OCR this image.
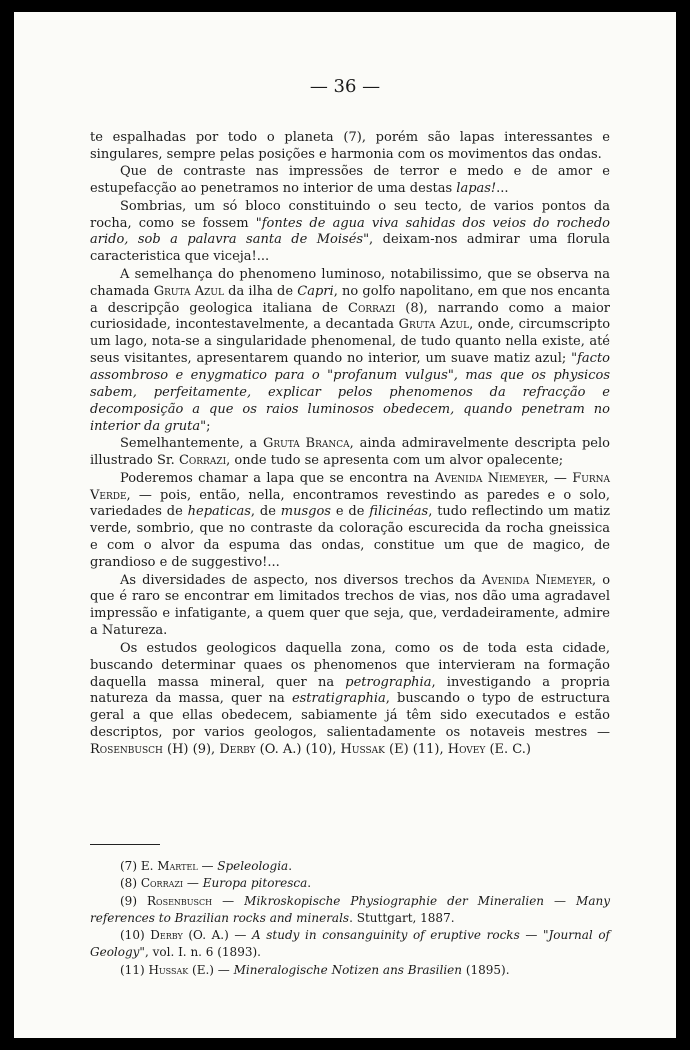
— 36 —

te espalhadas por todo o planeta (7), porém são lapas interessantes e singulares, sempre pelas posições e harmonia com os movimentos das ondas.

Que de contraste nas impressões de terror e medo e de amor e estupefacção ao penetramos no interior de uma destas lapas!...

Sombrias, um só bloco constituindo o seu tecto, de varios pontos da rocha, como se fossem "fontes de agua viva sahidas dos veios do rochedo arido, sob a palavra santa de Moisés", deixam-nos admirar uma florula caracteristica que viceja!...

A semelhança do phenomeno luminoso, notabilissimo, que se observa na chamada Gruta Azul da ilha de Capri, no golfo napolitano, em que nos encanta a descripção geologica italiana de Corrazi (8), narrando como a maior curiosidade, incontestavelmente, a decantada Gruta Azul, onde, circumscripto um lago, nota-se a singularidade phenomenal, de tudo quanto nella existe, até seus visitantes, apresentarem quando no interior, um suave matiz azul; "facto assombroso e enygmatico para o "profanum vulgus", mas que os physicos sabem, perfeitamente, explicar pelos phenomenos da refracção e decomposição a que os raios luminosos obedecem, quando penetram no interior da gruta";

Semelhantemente, a Gruta Branca, ainda admiravelmente descripta pelo illustrado Sr. Corrazi, onde tudo se apresenta com um alvor opalecente;

Poderemos chamar a lapa que se encontra na Avenida Niemeyer, — Furna Verde, — pois, então, nella, encontramos revestindo as paredes e o solo, variedades de hepaticas, de musgos e de filicinéas, tudo reflectindo um matiz verde, sombrio, que no contraste da coloração escurecida da rocha gneissica e com o alvor da espuma das ondas, constitue um que de magico, de grandioso e de suggestivo!...

As diversidades de aspecto, nos diversos trechos da Avenida Niemeyer, o que é raro se encontrar em limitados trechos de vias, nos dão uma agradavel impressão e infatigante, a quem quer que seja, que, verdadeiramente, admire a Natureza.

Os estudos geologicos daquella zona, como os de toda esta cidade, buscando determinar quaes os phenomenos que intervieram na formação daquella massa mineral, quer na petrographia, investigando a propria natureza da massa, quer na estratigraphia, buscando o typo de estructura geral a que ellas obedecem, sabiamente já têm sido executados e estão descriptos, por varios geologos, salientadamente os notaveis mestres — Rosenbusch (H) (9), Derby (O. A.) (10), Hussak (E) (11), Hovey (E. C.)

(7) E. Martel — Speleologia.

(8) Corrazi — Europa pitoresca.

(9) Rosenbusch — Mikroskopische Physiographie der Mineralien — Many references to Brazilian rocks and minerals. Stuttgart, 1887.

(10) Derby (O. A.) — A study in consanguinity of eruptive rocks — "Journal of Geology", vol. I. n. 6 (1893).

(11) Hussak (E.) — Mineralogische Notizen ans Brasilien (1895).
